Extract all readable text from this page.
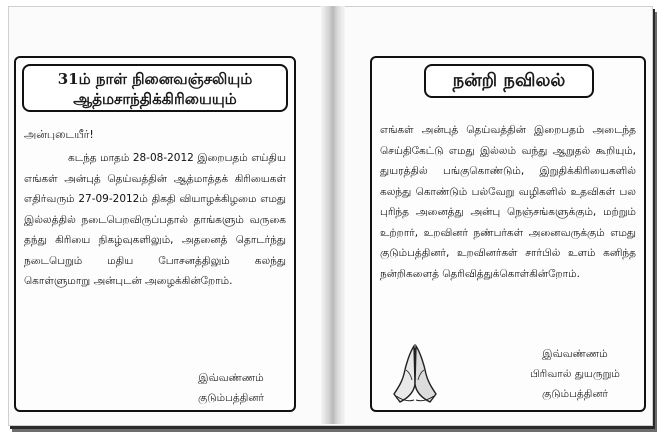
31ம் நாள் நினைவஞ்சலியும்
ஆத்மசாந்திக்கிரியையும்
அன்புடையீர்!
கடந்த மாதம் 28-08-2012 இறைபதம் எய்திய எங்கள் அன்புத் தெய்வத்தின் ஆத்மாத்தக் கிரியைகள் எதிர்வரும் 27-09-2012ம் திகதி வியாழக்கிழமை எமது இல்லத்தில் நடைபெறவிருப்பதால் தாங்களும் வருகை தந்து கிரியை நிகழ்வுகளிலும், அதனைத் தொடர்ந்து நடைபெறும் மதிய போசனத்திலும் கலந்து கொள்ளுமாறு அன்புடன் அழைக்கின்றோம்.
இவ்வண்ணம்
குடும்பத்தினர்
நன்றி நவிலல்
எங்கள் அன்புத் தெய்வத்தின் இறைபதம் அடைந்த செய்திகேட்டு எமது இல்லம் வந்து ஆறுதல் கூறியும், துயரத்தில் பங்குகொண்டும், இறுதிக்கிரியைகளில் கலந்து கொண்டும் பல்வேறு வழிகளில் உதவிகள் பல புரிந்த அனைத்து அன்பு நெஞ்சங்களுக்கும், மற்றும் உற்றார், உறவினர் நண்பர்கள் அனைவருக்கும் எமது குடும்பத்தினர், உறவினர்கள் சார்பில் உளம் கனிந்த நன்றிகளைத் தெரிவித்துக்கொள்கின்றோம்.
இவ்வண்ணம்
பிரிவால் துயருறும்
குடும்பத்தினர்
